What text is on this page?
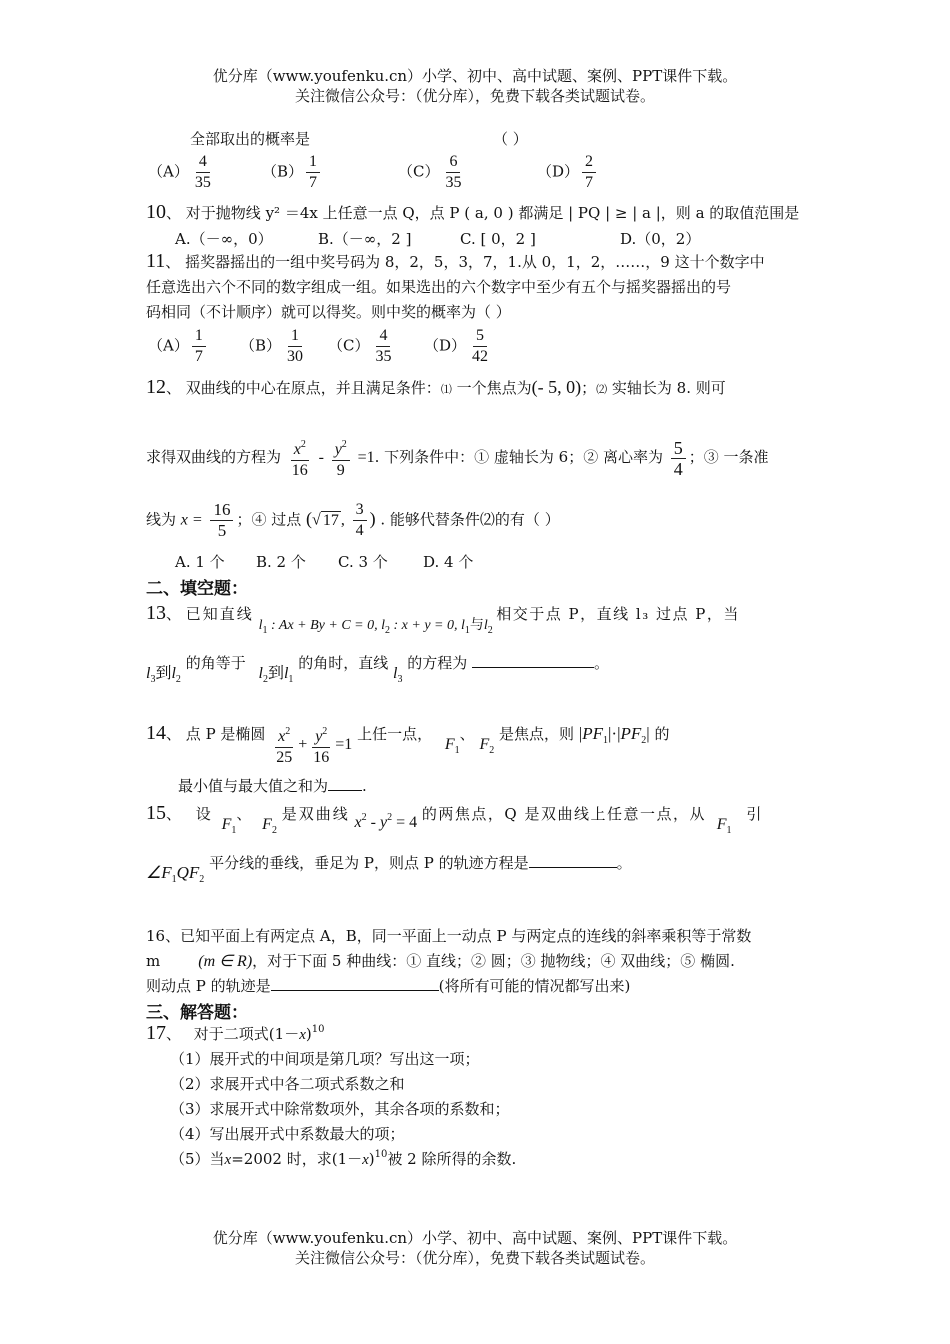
优分库（www.youfenku.cn）小学、初中、高中试题、案例、PPT课件下载。
关注微信公众号：（优分库），免费下载各类试题试卷。
全部取出的概率是	（ ）
$(A) \frac{4}{35}$	$(B) \frac{1}{7}$	$(C) \frac{6}{35}$	$(D) \frac{2}{7}$
10、 对于抛物线 y² ＝4x 上任意一点 Q，点 P ( a, 0 ) 都满足 | PQ | ≥ | a |，则 a 的取值范围是
A.（－∞，0）	B.（－∞，2 ]	C. [ 0，2 ]	D.（0，2）
11、 摇奖器摇出的一组中奖号码为 8，2，5，3，7，1.从 0，1，2，……，9 这十个数字中
任意选出六个不同的数字组成一组。如果选出的六个数字中至少有五个与摇奖器摇出的号
码相同（不计顺序）就可以得奖。则中奖的概率为（ ）
$(A) \frac{1}{7} (B) \frac{1}{30} (C) \frac{4}{35} (D) \frac{5}{42}$
12、 双曲线的中心在原点，并且满足条件：⑴ 一个焦点为(- 5, 0)；⑵ 实轴长为 8. 则可
求得双曲线的方程为 $\frac{x^2}{16} - \frac{y^2}{9} =1$. 下列条件中：① 虚轴长为 6；② 离心率为 $\frac{5}{4}$ ；③ 一条准
线为 $x = \frac{16}{5}$ ；④ 过点 (√ 17 , $\frac{3}{4}$ ) . 能够代替条件⑵的有（ ）
A. 1 个 B. 2 个 C. 3 个 D. 4 个
二、填空题：
13、 已知直线 $l_1$ : Ax + By + C = 0, $l_2$ : x + y = 0, $l_1$与$l_2$ 相交于点 P，直线 l₃ 过点 P，当
$l_3$到$l_2$ 的角等于 $l_2$到$l_1$ 的角时，直线 $l_3$ 的方程为	。
14、 点 P 是椭圆 $\frac{x^2}{25} + \frac{y^2}{16} =1$ 上任一点， $F_1$、 $F_2$ 是焦点，则 $|PF_1|\cdot|PF_2|$ 的
最小值与最大值之和为 .
15、 设 $F_1$、 $F_2$ 是双曲线 $x^2 - y^2 = 4$ 的两焦点，Q 是双曲线上任意一点，从 $F_1$ 引
$\angle F_1QF_2$ 平分线的垂线，垂足为 P，则点 P 的轨迹方程是	。
16、已知平面上有两定点 A，B，同一平面上一动点 P 与两定点的连线的斜率乘积等于常数
m (m ∈ R)，对于下面 5 种曲线：① 直线；② 圆；③ 抛物线；④ 双曲线；⑤ 椭圆.
则动点 P 的轨迹是	(将所有可能的情况都写出来)
三、解答题：
17、 对于二项式$(1-x)^{10}$
（1）展开式的中间项是第几项？写出这一项；
（2）求展开式中各二项式系数之和
（3）求展开式中除常数项外，其余各项的系数和；
（4）写出展开式中系数最大的项；
（5）当x=2002 时，求$(1-x)^{10}$被 2 除所得的余数.
优分库（www.youfenku.cn）小学、初中、高中试题、案例、PPT课件下载。
关注微信公众号：（优分库），免费下载各类试题试卷。
